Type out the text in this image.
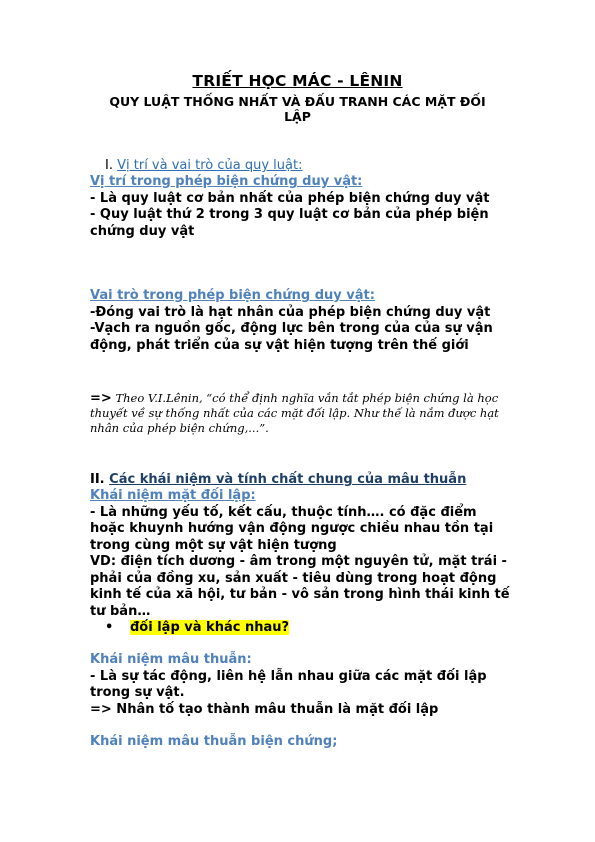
TRIẾT HỌC MÁC - LÊNIN
QUY LUẬT THỐNG NHẤT VÀ ĐẤU TRANH CÁC MẶT ĐỐI LẬP
I. Vị trí và vai trò của quy luật:
Vị trí trong phép biện chứng duy vật:
- Là quy luật cơ bản nhất của phép biện chứng duy vật
- Quy luật thứ 2 trong 3 quy luật cơ bản của phép biện chứng duy vật
Vai trò trong phép biện chứng duy vật:
-Đóng vai trò là hạt nhân của phép biện chứng duy vật
-Vạch ra nguồn gốc, động lực bên trong của của sự vận động, phát triển của sự vật hiện tượng trên thế giới
=> Theo V.I.Lênin, “có thể định nghĩa vắn tắt phép biện chứng là học thuyết về sự thống nhất của các mặt đối lập. Như thế là nắm được hạt nhân của phép biện chứng,...”.
II. Các khái niệm và tính chất chung của mâu thuẫn
Khái niệm mặt đối lập:
- Là những yếu tố, kết cấu, thuộc tính…. có đặc điểm hoặc khuynh hướng vận động ngược chiều nhau tồn tại trong cùng một sự vật hiện tượng
VD: điện tích dương - âm trong một nguyên tử, mặt trái - phải của đồng xu, sản xuất - tiêu dùng trong hoạt động kinh tế của xã hội, tư bản - vô sản trong hình thái kinh tế tư bản…
• đối lập và khác nhau?
Khái niệm mâu thuẫn:
- Là sự tác động, liên hệ lẫn nhau giữa các mặt đối lập trong sự vật.
=> Nhân tố tạo thành mâu thuẫn là mặt đối lập
Khái niệm mâu thuẫn biện chứng;
